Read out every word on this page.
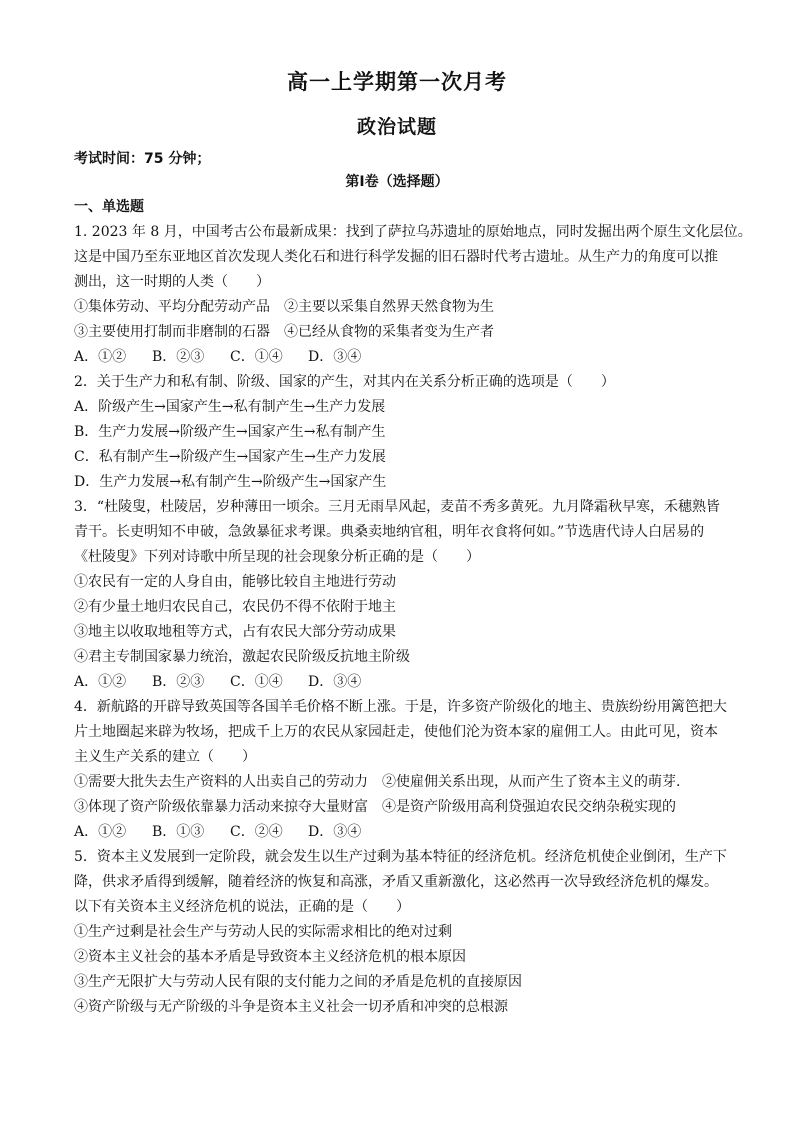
高一上学期第一次月考
政治试题
考试时间：75 分钟；
第Ⅰ卷（选择题）
一、单选题
1. 2023 年 8 月，中国考古公布最新成果：找到了萨拉乌苏遗址的原始地点，同时发掘出两个原生文化层位。
这是中国乃至东亚地区首次发现人类化石和进行科学发掘的旧石器时代考古遗址。从生产力的角度可以推
测出，这一时期的人类（　　）
①集体劳动、平均分配劳动产品　②主要以采集自然界天然食物为生
③主要使用打制而非磨制的石器　④已经从食物的采集者变为生产者
A．①② B．②③ C．①④ D．③④
2．关于生产力和私有制、阶级、国家的产生，对其内在关系分析正确的选项是（　　）
A．阶级产生→国家产生→私有制产生→生产力发展
B．生产力发展→阶级产生→国家产生→私有制产生
C．私有制产生→阶级产生→国家产生→生产力发展
D．生产力发展→私有制产生→阶级产生→国家产生
3．“杜陵叟，杜陵居，岁种薄田一顷余。三月无雨旱风起，麦苗不秀多黄死。九月降霜秋早寒，禾穗熟皆
青干。长吏明知不申破，急敛暴征求考课。典桑卖地纳官租，明年衣食将何如。”节选唐代诗人白居易的
《杜陵叟》下列对诗歌中所呈现的社会现象分析正确的是（　　）
①农民有一定的人身自由，能够比较自主地进行劳动
②有少量土地归农民自己，农民仍不得不依附于地主
③地主以收取地租等方式，占有农民大部分劳动成果
④君主专制国家暴力统治，激起农民阶级反抗地主阶级
A．①② B．②③ C．①④ D．③④
4．新航路的开辟导致英国等各国羊毛价格不断上涨。于是，许多资产阶级化的地主、贵族纷纷用篱笆把大
片土地圈起来辟为牧场，把成千上万的农民从家园赶走，使他们沦为资本家的雇佣工人。由此可见，资本
主义生产关系的建立（　　）
①需要大批失去生产资料的人出卖自己的劳动力　②使雇佣关系出现，从而产生了资本主义的萌芽.
③体现了资产阶级依靠暴力活动来掠夺大量财富　④是资产阶级用高利贷强迫农民交纳杂税实现的
A．①② B．①③ C．②④ D．③④
5．资本主义发展到一定阶段，就会发生以生产过剩为基本特征的经济危机。经济危机使企业倒闭，生产下
降，供求矛盾得到缓解，随着经济的恢复和高涨，矛盾又重新激化，这必然再一次导致经济危机的爆发。
以下有关资本主义经济危机的说法，正确的是（　　）
①生产过剩是社会生产与劳动人民的实际需求相比的绝对过剩
②资本主义社会的基本矛盾是导致资本主义经济危机的根本原因
③生产无限扩大与劳动人民有限的支付能力之间的矛盾是危机的直接原因
④资产阶级与无产阶级的斗争是资本主义社会一切矛盾和冲突的总根源
